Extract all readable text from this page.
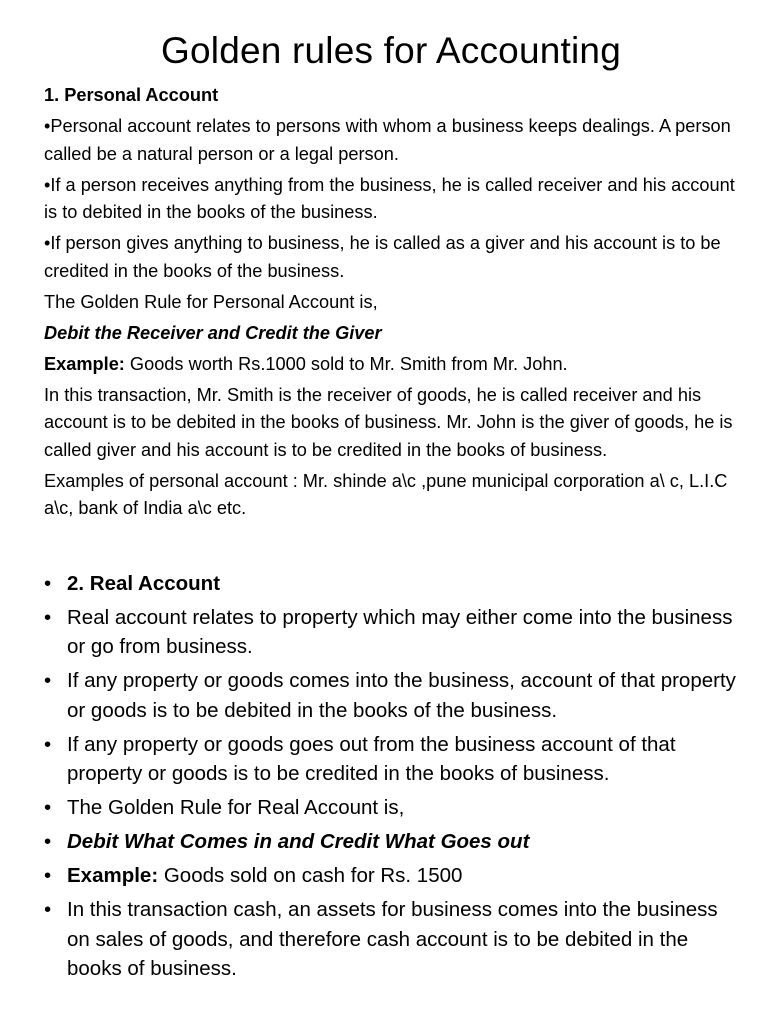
Golden rules for Accounting

1. Personal Account

•Personal account relates to persons with whom a business keeps dealings. A person called be a natural person or a legal person.

•If a person receives anything from the business, he is called receiver and his account is to debited in the books of the business.

•If person gives anything to business, he is called as a giver and his account is to be credited in the books of the business.

The Golden Rule for Personal Account is,

Debit the Receiver and Credit the Giver

Example: Goods worth Rs.1000 sold to Mr. Smith from Mr. John.

In this transaction, Mr. Smith is the receiver of goods, he is called receiver and his account is to be debited in the books of business. Mr. John is the giver of goods, he is called giver and his account is to be credited in the books of business.

Examples of personal account : Mr. shinde a\c ,pune municipal corporation a\ c, L.I.C a\c, bank of India a\c etc.

• 2. Real Account
• Real account relates to property which may either come into the business or go from business.
• If any property or goods comes into the business, account of that property or goods is to be debited in the books of the business.
• If any property or goods goes out from the business account of that property or goods is to be credited in the books of business.
• The Golden Rule for Real Account is,
• Debit What Comes in and Credit What Goes out
• Example: Goods sold on cash for Rs. 1500
• In this transaction cash, an assets for business comes into the business on sales of goods, and therefore cash account is to be debited in the books of business.
